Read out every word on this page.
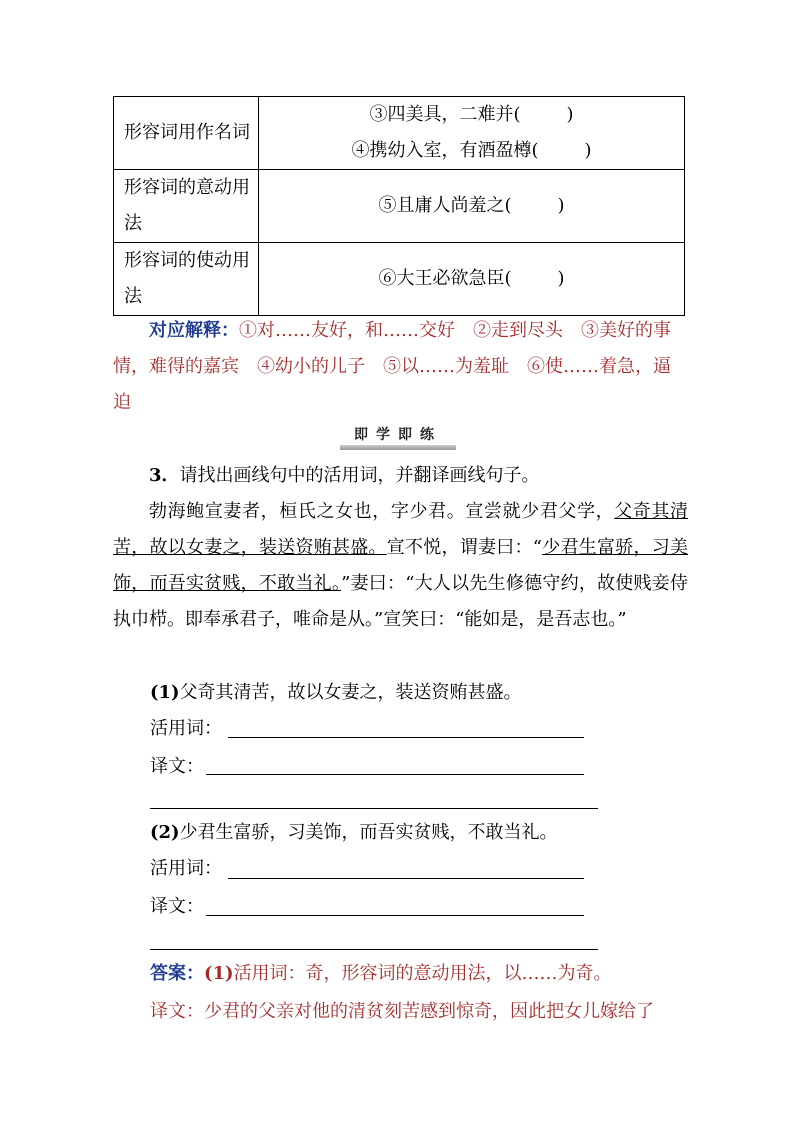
形容词用作名词	③四美具，二难并( )
④携幼入室，有酒盈樽( )

形容词的意动用法	⑤且庸人尚羞之( )

形容词的使动用法	⑥大王必欲急臣( )
对应解释：①对……友好，和……交好　②走到尽头　③美好的事情，难得的嘉宾　④幼小的儿子　⑤以……为羞耻　⑥使……着急，逼迫
即学即练
3．请找出画线句中的活用词，并翻译画线句子。
勃海鲍宣妻者，桓氏之女也，字少君。宣尝就少君父学，父奇其清苦，故以女妻之，装送资贿甚盛。宣不悦，谓妻曰：“少君生富骄，习美饰，而吾实贫贱，不敢当礼。”妻曰：“大人以先生修德守约，故使贱妾侍执巾栉。即奉承君子，唯命是从。”宣笑曰：“能如是，是吾志也。”
(1)父奇其清苦，故以女妻之，装送资贿甚盛。
活用词：
译文：
(2)少君生富骄，习美饰，而吾实贫贱，不敢当礼。
活用词：
译文：
答案：(1)活用词：奇，形容词的意动用法，以……为奇。
译文：少君的父亲对他的清贫刻苦感到惊奇，因此把女儿嫁给了
